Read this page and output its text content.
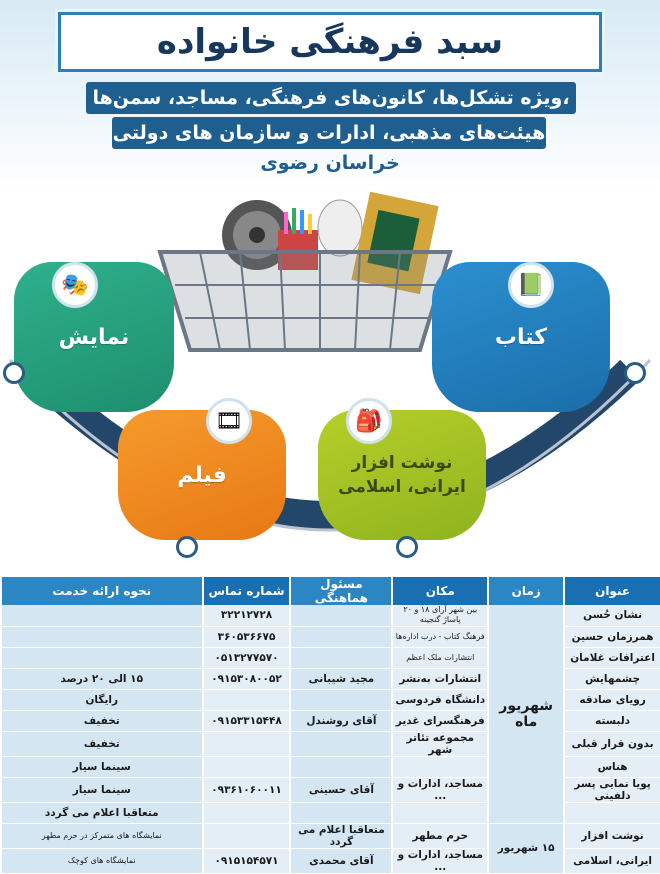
سبد فرهنگی خانواده
ویژه تشکل‌ها، کانون‌های فرهنگی، مساجد، سمن‌ها،
هیئت‌های مذهبی، ادارات و سازمان های دولتی
خراسان رضوی
نمایش
🎭
فیلم
🎞
نوشت افزار
ایرانی، اسلامی
🎒
کتاب
📗
عنوان	زمان	مکان	مسئول هماهنگی	شماره تماس	نحوه ارائه خدمت
نشان حُسن	شهریور ماه	بین شهر آرای ۱۸ و ۲۰ پاساژ گنجینه		۳۲۲۱۲۷۲۸	
همرزمان حسین		فرهنگ کتاب - درب اداره‌ها		۳۶۰۵۳۶۶۷۵	
اعترافات غلامان		انتشارات ملک اعظم		۰۵۱۳۲۷۷۵۷۰	
چشمهایش		انتشارات به‌نشر	مجید شیبانی	۰۹۱۵۳۰۸۰۰۵۲	۱۵ الی ۲۰ درصد
رویای صادقه		دانشگاه فردوسی			رایگان
دلبسته		فرهنگسرای غدیر	آقای روشندل	۰۹۱۵۳۳۱۵۴۴۸	تخفیف
بدون قرار قبلی		مجموعه تئاتر شهر			تخفیف
هناس					سینما سیار
پویا نمایی پسر دلفینی		مساجد، ادارات و ...	آقای حسینی	۰۹۳۶۱۰۶۰۰۱۱	سینما سیار
					متعاقبا اعلام می گردد
نوشت افزار	۱۵ شهریور	حرم مطهر	متعاقبا اعلام می گردد		نمایشگاه های متمرکز در حرم مطهر
ایرانی، اسلامی		مساجد، ادارات و ...	آقای محمدی	۰۹۱۵۱۵۴۵۷۱	نمایشگاه های کوچک
